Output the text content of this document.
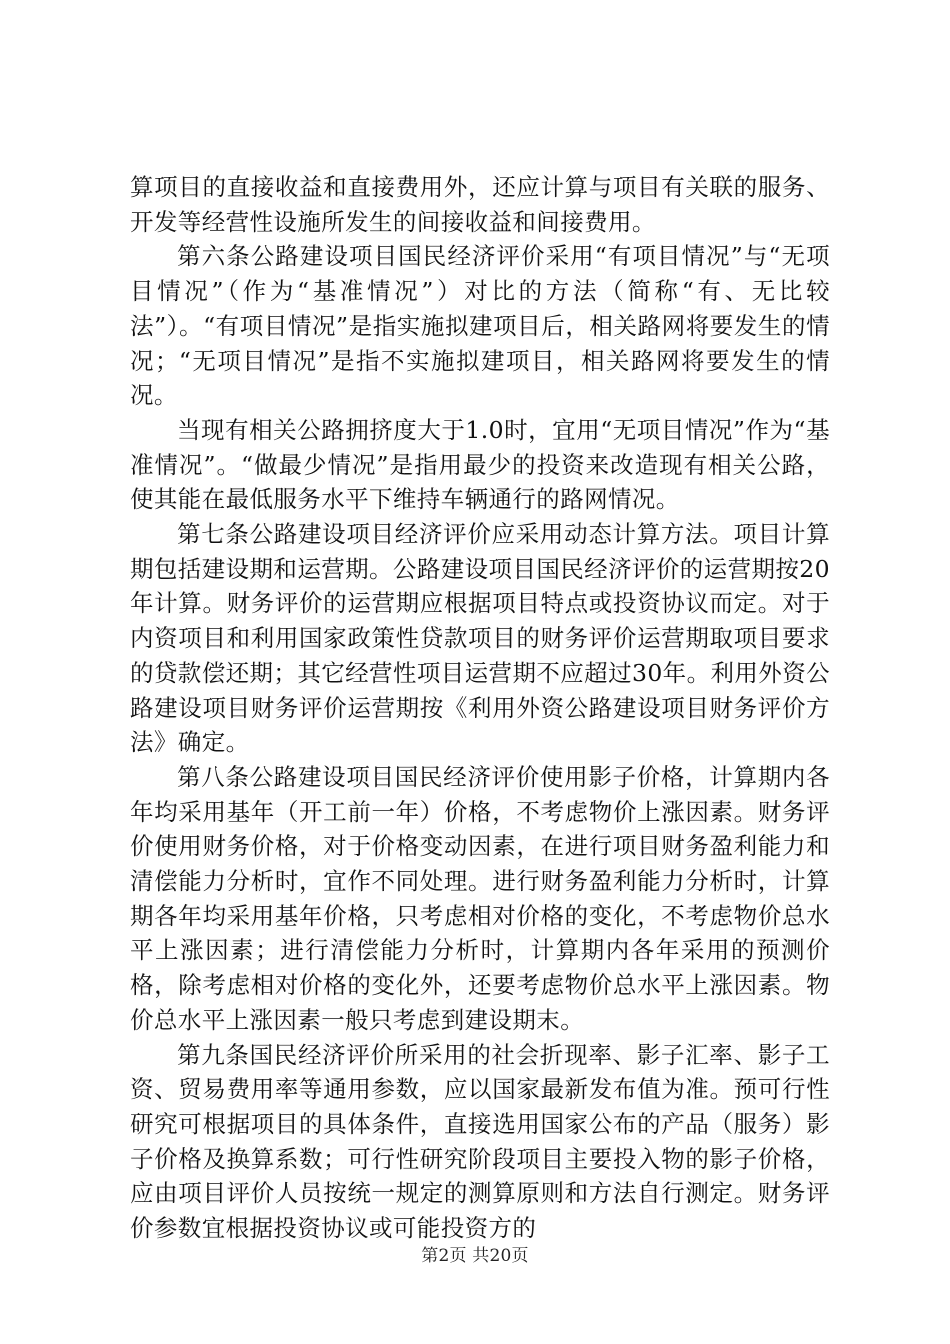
算项目的直接收益和直接费用外，还应计算与项目有关联的服务、开发等经营性设施所发生的间接收益和间接费用。

第六条公路建设项目国民经济评价采用“有项目情况”与“无项目情况”（作为“基准情况”）对比的方法（简称“有、无比较法”）。“有项目情况”是指实施拟建项目后，相关路网将要发生的情况；“无项目情况”是指不实施拟建项目，相关路网将要发生的情况。

当现有相关公路拥挤度大于1.0时，宜用“无项目情况”作为“基准情况”。“做最少情况”是指用最少的投资来改造现有相关公路，使其能在最低服务水平下维持车辆通行的路网情况。

第七条公路建设项目经济评价应采用动态计算方法。项目计算期包括建设期和运营期。公路建设项目国民经济评价的运营期按20年计算。财务评价的运营期应根据项目特点或投资协议而定。对于内资项目和利用国家政策性贷款项目的财务评价运营期取项目要求的贷款偿还期；其它经营性项目运营期不应超过30年。利用外资公路建设项目财务评价运营期按《利用外资公路建设项目财务评价方法》确定。

第八条公路建设项目国民经济评价使用影子价格，计算期内各年均采用基年（开工前一年）价格，不考虑物价上涨因素。财务评价使用财务价格，对于价格变动因素，在进行项目财务盈利能力和清偿能力分析时，宜作不同处理。进行财务盈利能力分析时，计算期各年均采用基年价格，只考虑相对价格的变化，不考虑物价总水平上涨因素；进行清偿能力分析时，计算期内各年采用的预测价格，除考虑相对价格的变化外，还要考虑物价总水平上涨因素。物价总水平上涨因素一般只考虑到建设期末。

第九条国民经济评价所采用的社会折现率、影子汇率、影子工资、贸易费用率等通用参数，应以国家最新发布值为准。预可行性研究可根据项目的具体条件，直接选用国家公布的产品（服务）影子价格及换算系数；可行性研究阶段项目主要投入物的影子价格，应由项目评价人员按统一规定的测算原则和方法自行测定。财务评价参数宜根据投资协议或可能投资方的

第2页 共20页
